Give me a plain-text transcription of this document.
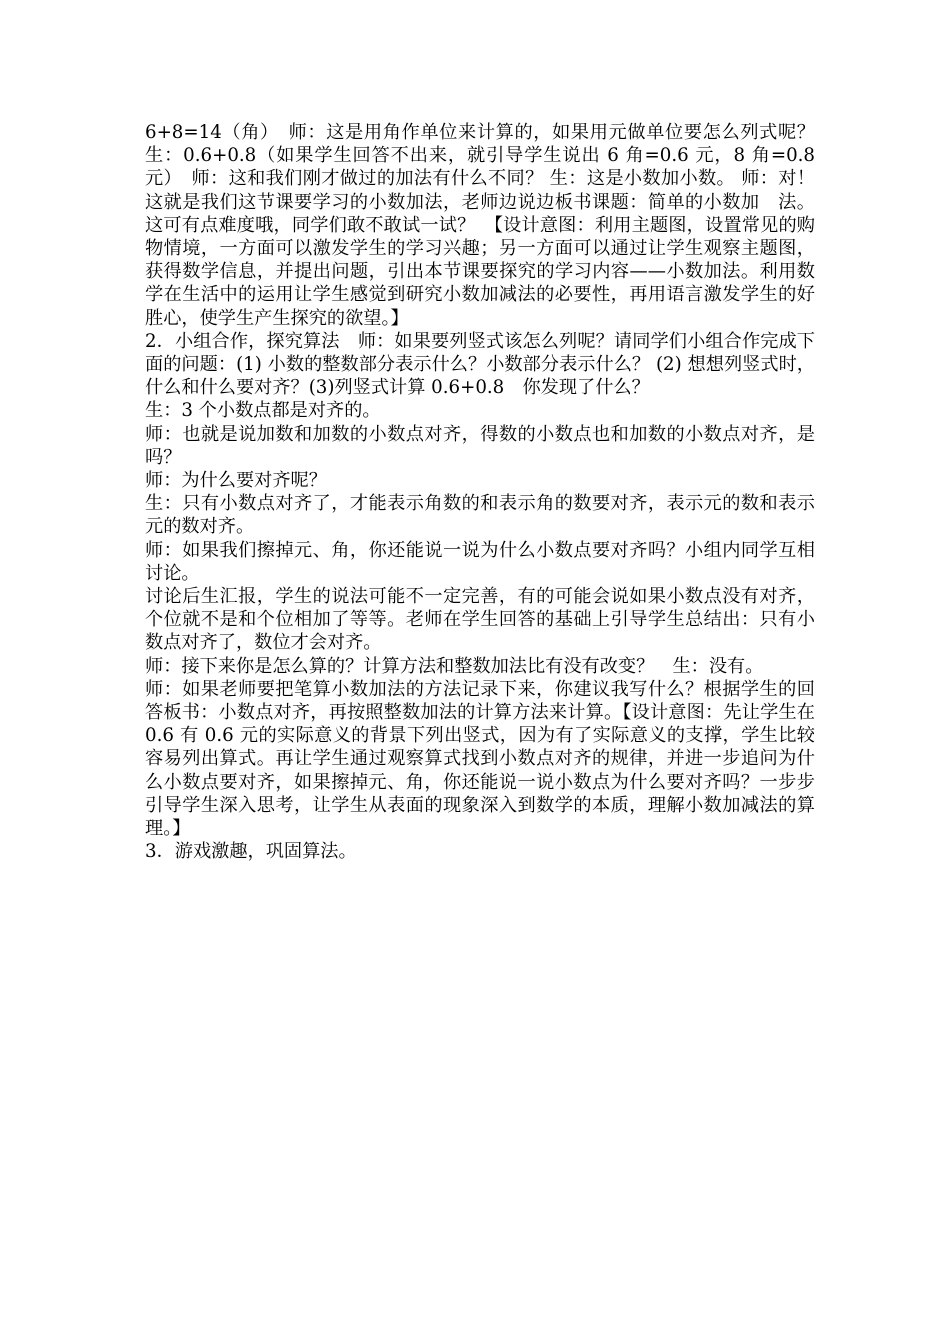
6+8=14（角）　师：这是用角作单位来计算的，如果用元做单位要怎么列式呢？　生：0.6+0.8（如果学生回答不出来，就引导学生说出 6 角=0.6 元，8 角=0.8 元）　师：这和我们刚才做过的加法有什么不同？ 生：这是小数加小数。 师：对！这就是我们这节课要学习的小数加法，老师边说边板书课题：简单的小数加　法。这可有点难度哦，同学们敢不敢试一试？　【设计意图：利用主题图，设置常见的购物情境，一方面可以激发学生的学习兴趣；另一方面可以通过让学生观察主题图，获得数学信息，并提出问题，引出本节课要探究的学习内容——小数加法。利用数学在生活中的运用让学生感觉到研究小数加减法的必要性，再用语言激发学生的好胜心，使学生产生探究的欲望。】

2．小组合作，探究算法　师：如果要列竖式该怎么列呢？请同学们小组合作完成下面的问题：(1) 小数的整数部分表示什么？小数部分表示什么？ (2) 想想列竖式时，什么和什么要对齐？(3)列竖式计算 0.6+0.8　你发现了什么？

生：3 个小数点都是对齐的。

师：也就是说加数和加数的小数点对齐，得数的小数点也和加数的小数点对齐，是吗？

师：为什么要对齐呢？

生：只有小数点对齐了，才能表示角数的和表示角的数要对齐，表示元的数和表示元的数对齐。

师：如果我们擦掉元、角，你还能说一说为什么小数点要对齐吗？小组内同学互相讨论。

讨论后生汇报，学生的说法可能不一定完善，有的可能会说如果小数点没有对齐，个位就不是和个位相加了等等。老师在学生回答的基础上引导学生总结出：只有小数点对齐了，数位才会对齐。

师：接下来你是怎么算的？计算方法和整数加法比有没有改变？　生：没有。

师：如果老师要把笔算小数加法的方法记录下来，你建议我写什么？根据学生的回答板书：小数点对齐，再按照整数加法的计算方法来计算。【设计意图：先让学生在 0.6 有 0.6 元的实际意义的背景下列出竖式，因为有了实际意义的支撑，学生比较容易列出算式。再让学生通过观察算式找到小数点对齐的规律，并进一步追问为什么小数点要对齐，如果擦掉元、角，你还能说一说小数点为什么要对齐吗？一步步引导学生深入思考，让学生从表面的现象深入到数学的本质，理解小数加减法的算理。】

3．游戏激趣，巩固算法。
